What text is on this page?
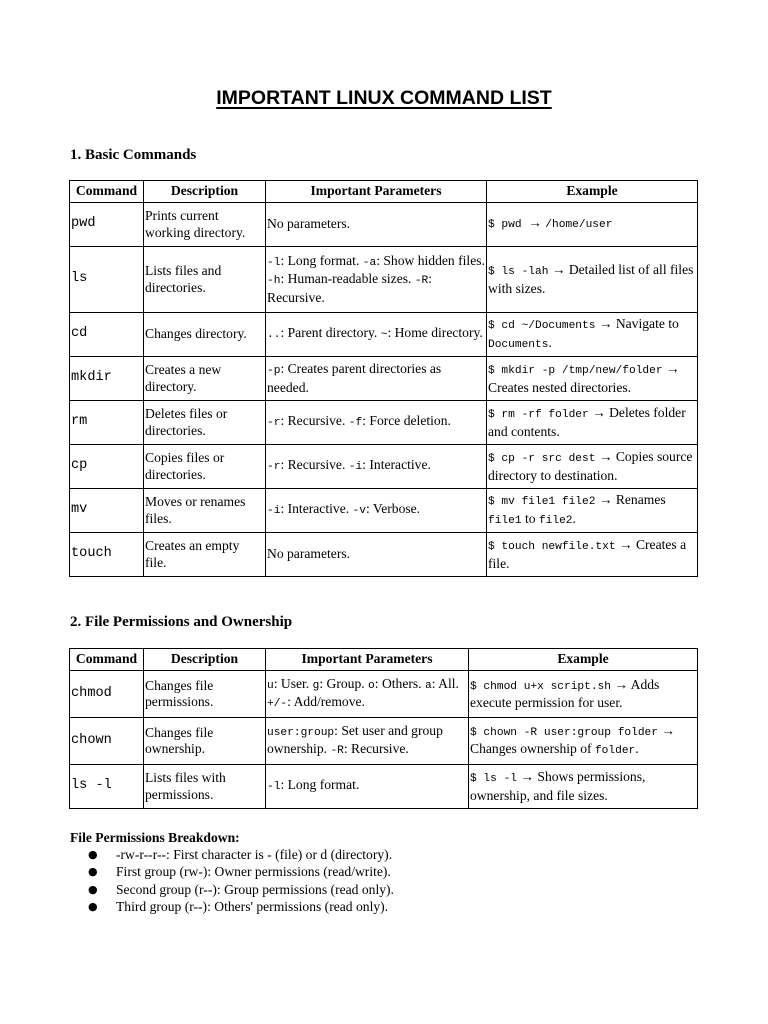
IMPORTANT LINUX COMMAND LIST
1. Basic Commands
Command	Description	Important Parameters	Example
pwd	Prints current working directory.	No parameters.	$ pwd → /home/user
ls	Lists files and directories.	-l: Long format. -a: Show hidden files. -h: Human-readable sizes. -R: Recursive.	$ ls -lah → Detailed list of all files with sizes.
cd	Changes directory.	..: Parent directory. ~: Home directory.	$ cd ~/Documents → Navigate to Documents.
mkdir	Creates a new directory.	-p: Creates parent directories as needed.	$ mkdir -p /tmp/new/folder → Creates nested directories.
rm	Deletes files or directories.	-r: Recursive. -f: Force deletion.	$ rm -rf folder → Deletes folder and contents.
cp	Copies files or directories.	-r: Recursive. -i: Interactive.	$ cp -r src dest → Copies source directory to destination.
mv	Moves or renames files.	-i: Interactive. -v: Verbose.	$ mv file1 file2 → Renames file1 to file2.
touch	Creates an empty file.	No parameters.	$ touch newfile.txt → Creates a file.
2. File Permissions and Ownership
Command	Description	Important Parameters	Example
chmod	Changes file permissions.	u: User. g: Group. o: Others. a: All. +/-: Add/remove.	$ chmod u+x script.sh → Adds execute permission for user.
chown	Changes file ownership.	user:group: Set user and group ownership. -R: Recursive.	$ chown -R user:group folder → Changes ownership of folder.
ls -l	Lists files with permissions.	-l: Long format.	$ ls -l → Shows permissions, ownership, and file sizes.
File Permissions Breakdown:
● -rw-r--r--: First character is - (file) or d (directory).
● First group (rw-): Owner permissions (read/write).
● Second group (r--): Group permissions (read only).
● Third group (r--): Others' permissions (read only).
